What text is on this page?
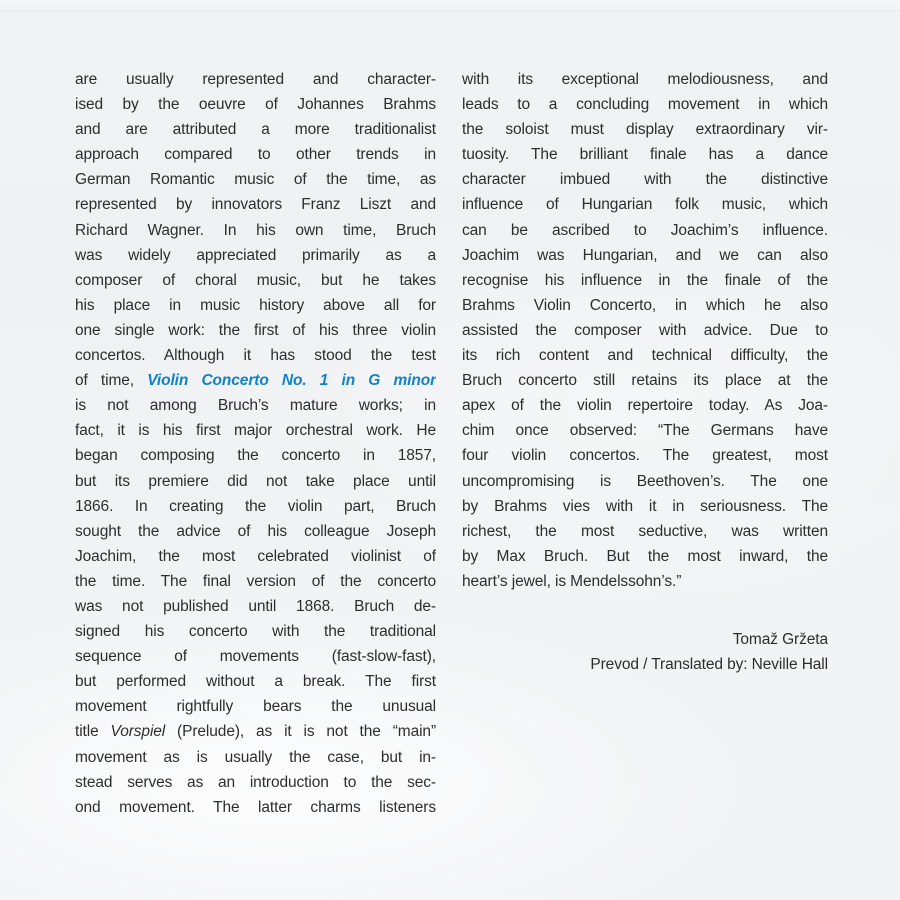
are usually represented and character-
ised by the oeuvre of Johannes Brahms
and are attributed a more traditionalist
approach compared to other trends in
German Romantic music of the time, as
represented by innovators Franz Liszt and
Richard Wagner. In his own time, Bruch
was widely appreciated primarily as a
composer of choral music, but he takes
his place in music history above all for
one single work: the first of his three violin
concertos. Although it has stood the test
of time, Violin Concerto No. 1 in G minor
is not among Bruch’s mature works; in
fact, it is his first major orchestral work. He
began composing the concerto in 1857,
but its premiere did not take place until
1866. In creating the violin part, Bruch
sought the advice of his colleague Joseph
Joachim, the most celebrated violinist of
the time. The final version of the concerto
was not published until 1868. Bruch de-
signed his concerto with the traditional
sequence of movements (fast-slow-fast),
but performed without a break. The first
movement rightfully bears the unusual
title Vorspiel (Prelude), as it is not the “main”
movement as is usually the case, but in-
stead serves as an introduction to the sec-
ond movement. The latter charms listeners
with its exceptional melodiousness, and
leads to a concluding movement in which
the soloist must display extraordinary vir-
tuosity. The brilliant finale has a dance
character imbued with the distinctive
influence of Hungarian folk music, which
can be ascribed to Joachim’s influence.
Joachim was Hungarian, and we can also
recognise his influence in the finale of the
Brahms Violin Concerto, in which he also
assisted the composer with advice. Due to
its rich content and technical difficulty, the
Bruch concerto still retains its place at the
apex of the violin repertoire today. As Joa-
chim once observed: “The Germans have
four violin concertos. The greatest, most
uncompromising is Beethoven’s. The one
by Brahms vies with it in seriousness. The
richest, the most seductive, was written
by Max Bruch. But the most inward, the
heart’s jewel, is Mendelssohn’s.”
Tomaž Gržeta
Prevod / Translated by: Neville Hall
